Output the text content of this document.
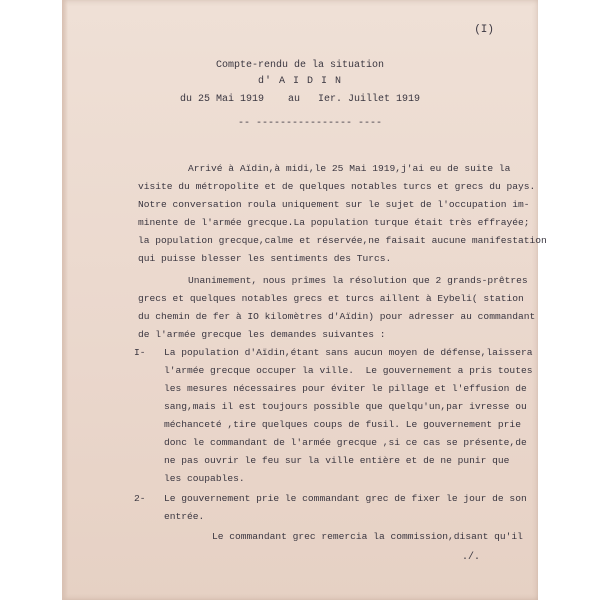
(I)
Compte-rendu de la situation
d' A I D I N
du 25 Mai 1919    au   Ier. Juillet 1919
-- ---------------- ----
Arrivé à Aïdin,à midi,le 25 Mai 1919,j'ai eu de suite la
visite du métropolite et de quelques notables turcs et grecs du pays.
Notre conversation roula uniquement sur le sujet de l'occupation im-
minente de l'armée grecque.La population turque était très effrayée;
la population grecque,calme et réservée,ne faisait aucune manifestation
qui puisse blesser les sentiments des Turcs.
Unanimement, nous prîmes la résolution que 2 grands-prêtres
grecs et quelques notables grecs et turcs aillent à Eybeli( station
du chemin de fer à IO kilomètres d'Aïdin) pour adresser au commandant
de l'armée grecque les demandes suivantes :
I- La population d'Aïdin,étant sans aucun moyen de défense,laissera
l'armée grecque occuper la ville.  Le gouvernement a pris toutes
les mesures nécessaires pour éviter le pillage et l'effusion de
sang,mais il est toujours possible que quelqu'un,par ivresse ou
méchanceté ,tire quelques coups de fusil. Le gouvernement prie
donc le commandant de l'armée grecque ,si ce cas se présente,de
ne pas ouvrir le feu sur la ville entière et de ne punir que
les coupables.
2- Le gouvernement prie le commandant grec de fixer le jour de son
entrée.
Le commandant grec remercia la commission,disant qu'il
./.
